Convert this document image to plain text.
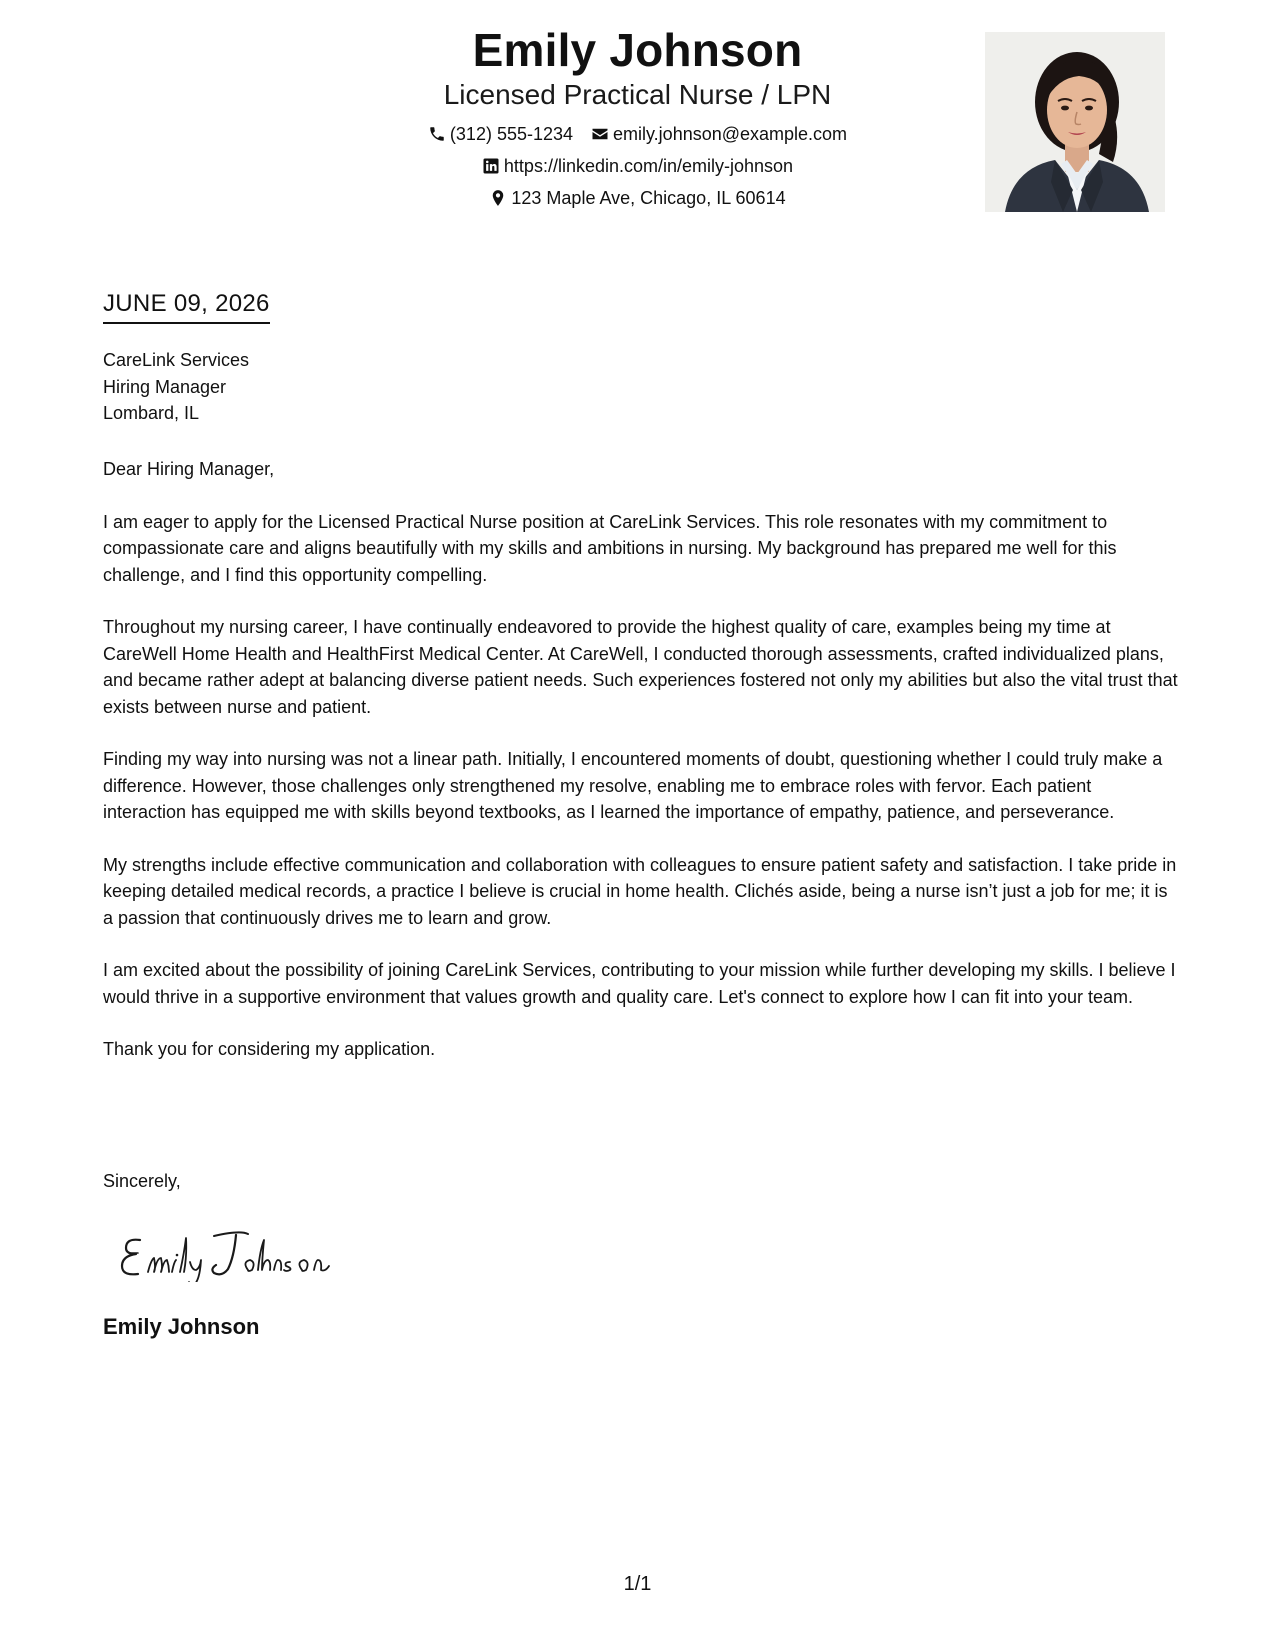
Emily Johnson
Licensed Practical Nurse / LPN
(312) 555-1234 emily.johnson@example.com
https://linkedin.com/in/emily-johnson
123 Maple Ave, Chicago, IL 60614
JUNE 09, 2026
CareLink Services
Hiring Manager
Lombard, IL

Dear Hiring Manager,

I am eager to apply for the Licensed Practical Nurse position at CareLink Services. This role resonates with my commitment to compassionate care and aligns beautifully with my skills and ambitions in nursing. My background has prepared me well for this challenge, and I find this opportunity compelling.

Throughout my nursing career, I have continually endeavored to provide the highest quality of care, examples being my time at CareWell Home Health and HealthFirst Medical Center. At CareWell, I conducted thorough assessments, crafted individualized plans, and became rather adept at balancing diverse patient needs. Such experiences fostered not only my abilities but also the vital trust that exists between nurse and patient.

Finding my way into nursing was not a linear path. Initially, I encountered moments of doubt, questioning whether I could truly make a difference. However, those challenges only strengthened my resolve, enabling me to embrace roles with fervor. Each patient interaction has equipped me with skills beyond textbooks, as I learned the importance of empathy, patience, and perseverance.

My strengths include effective communication and collaboration with colleagues to ensure patient safety and satisfaction. I take pride in keeping detailed medical records, a practice I believe is crucial in home health. Clichés aside, being a nurse isn’t just a job for me; it is a passion that continuously drives me to learn and grow.

I am excited about the possibility of joining CareLink Services, contributing to your mission while further developing my skills. I believe I would thrive in a supportive environment that values growth and quality care. Let's connect to explore how I can fit into your team.

Thank you for considering my application.

Sincerely,
Emily Johnson
1/1
